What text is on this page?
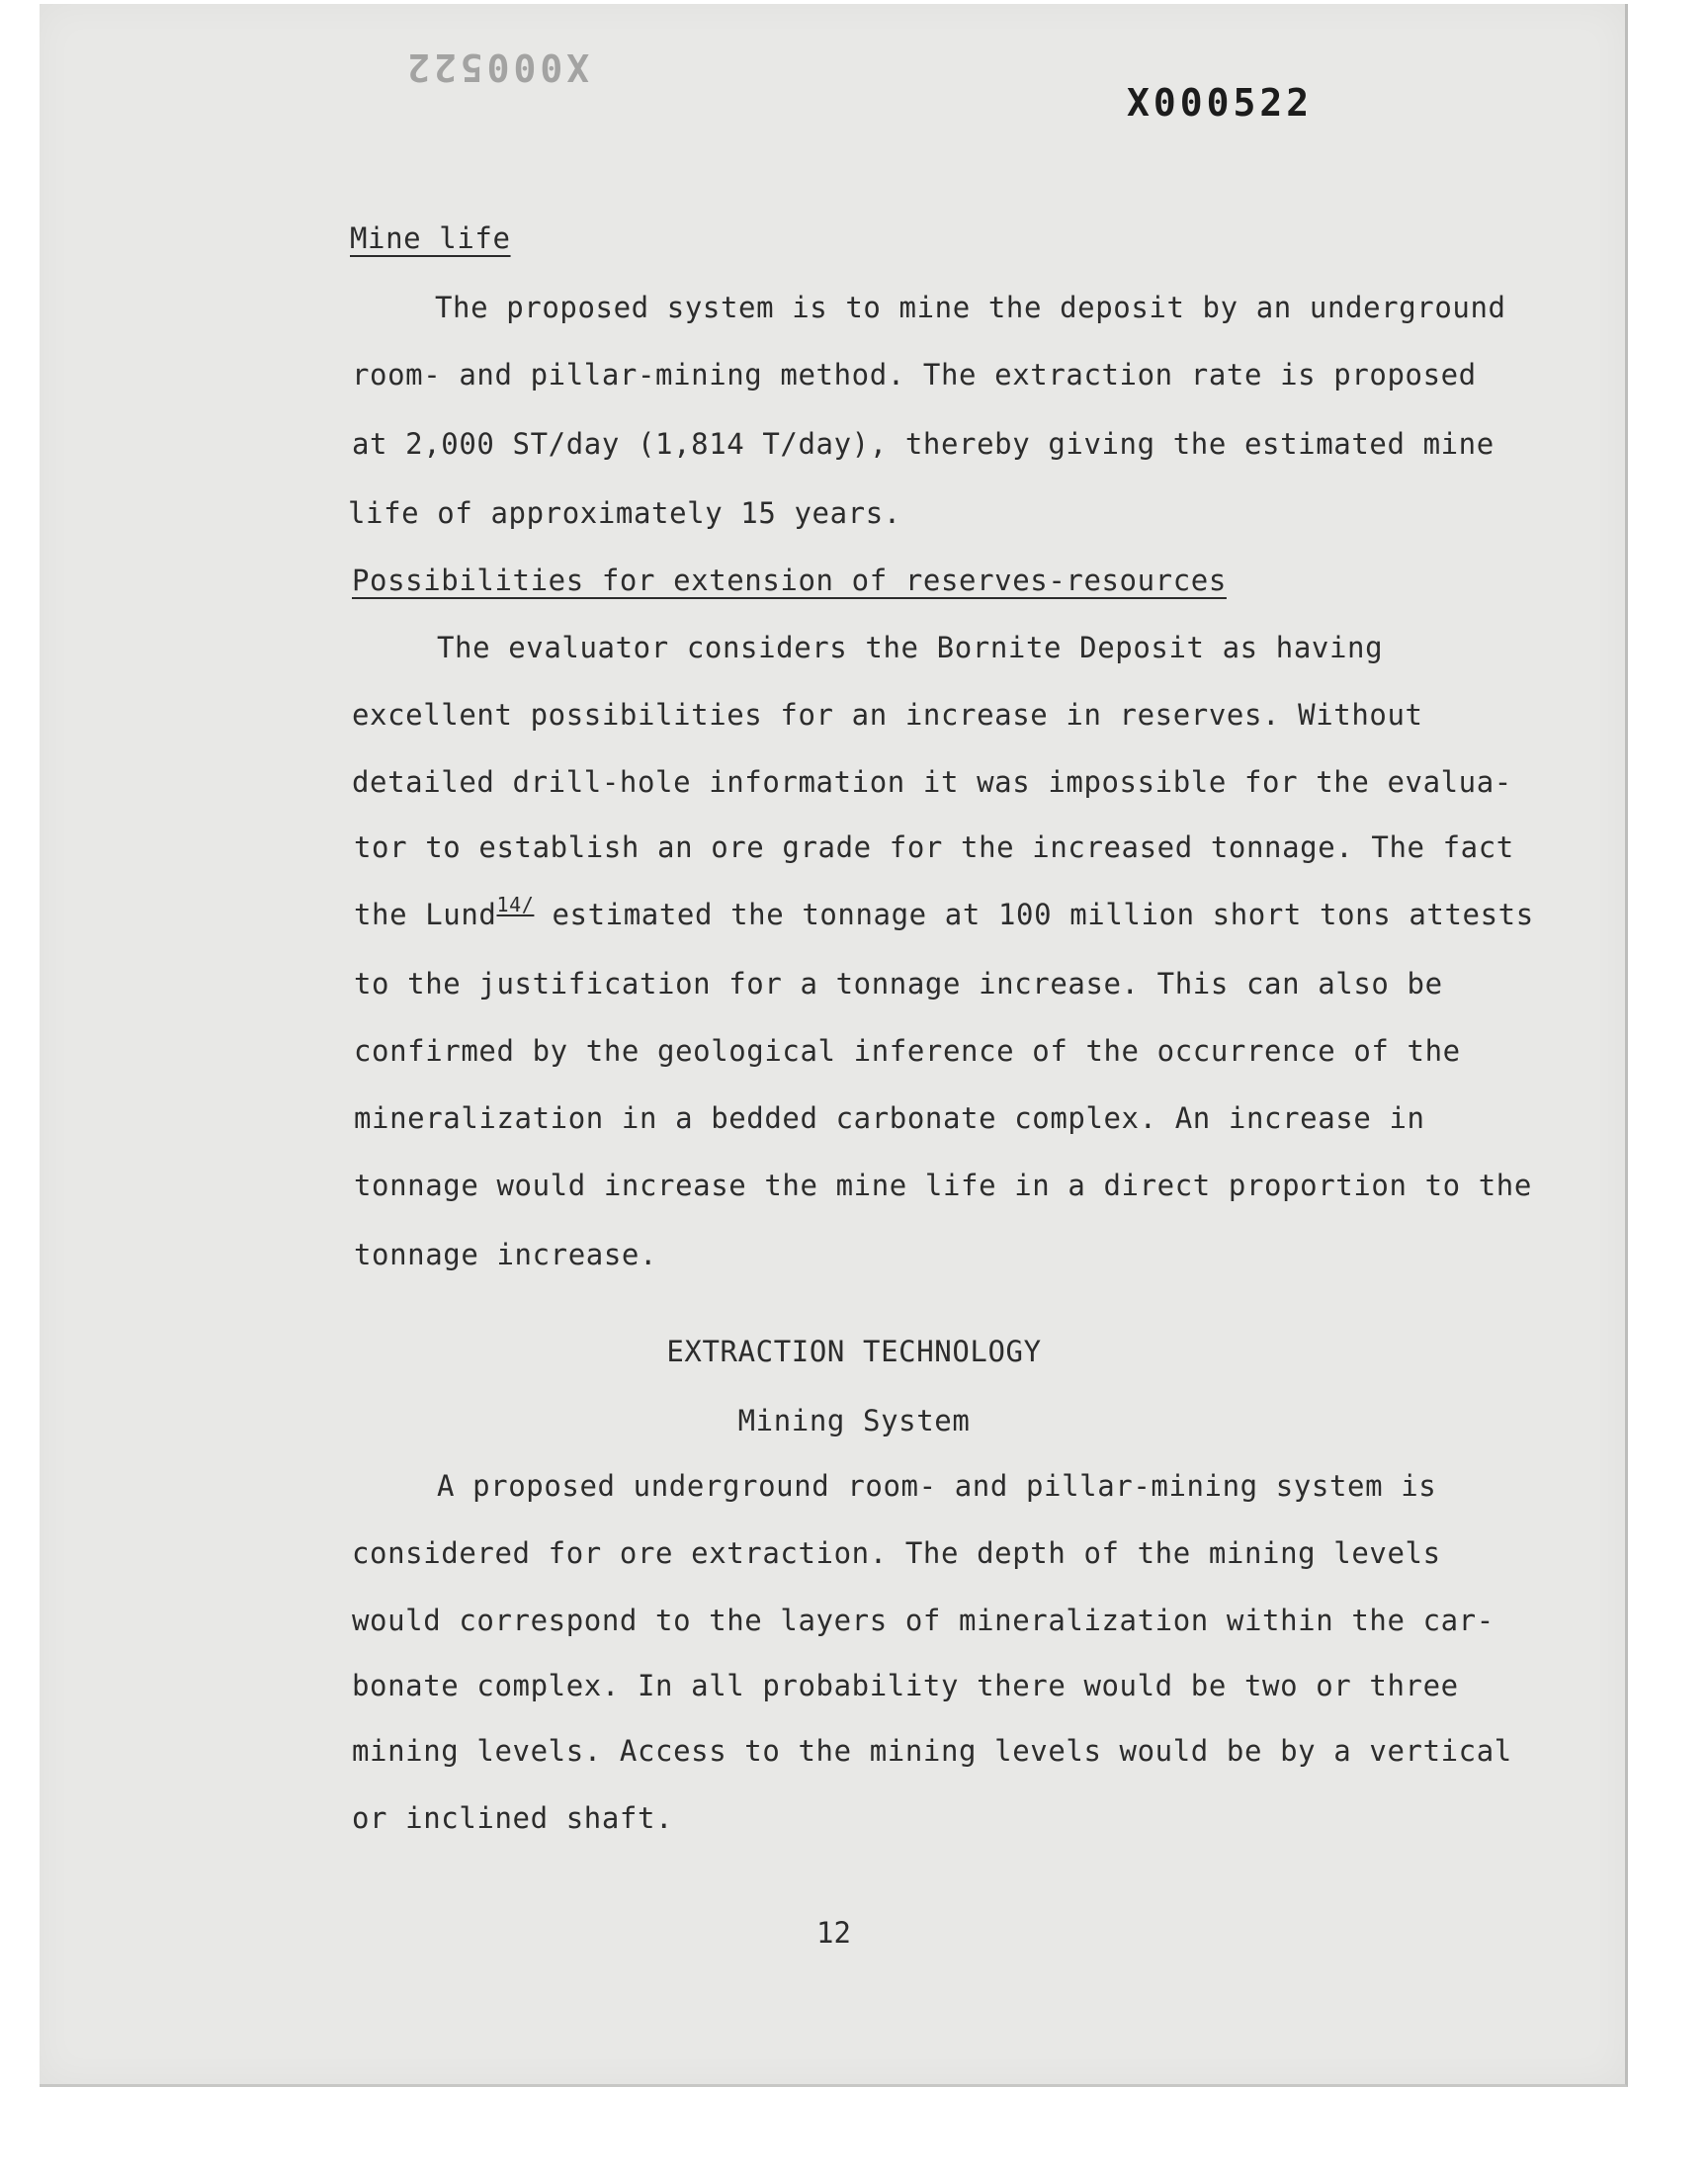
X000522
X000522
Mine life
The proposed system is to mine the deposit by an underground
room- and pillar-mining method. The extraction rate is proposed
at 2,000 ST/day (1,814 T/day), thereby giving the estimated mine
life of approximately 15 years.
Possibilities for extension of reserves-resources
The evaluator considers the Bornite Deposit as having
excellent possibilities for an increase in reserves. Without
detailed drill-hole information it was impossible for the evalua-
tor to establish an ore grade for the increased tonnage. The fact
the Lund$^{14/}$ estimated the tonnage at 100 million short tons attests
to the justification for a tonnage increase. This can also be
confirmed by the geological inference of the occurrence of the
mineralization in a bedded carbonate complex. An increase in
tonnage would increase the mine life in a direct proportion to the
tonnage increase.
EXTRACTION TECHNOLOGY
Mining System
A proposed underground room- and pillar-mining system is
considered for ore extraction. The depth of the mining levels
would correspond to the layers of mineralization within the car-
bonate complex. In all probability there would be two or three
mining levels. Access to the mining levels would be by a vertical
or inclined shaft.
12
